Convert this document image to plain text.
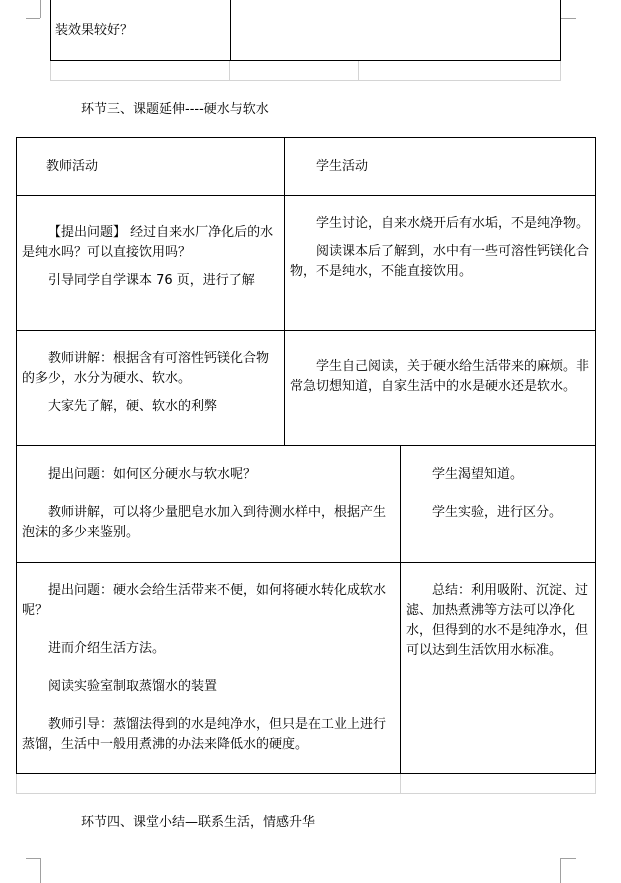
装效果较好？

环节三、课题延伸----硬水与软水

教师活动	学生活动

【提出问题】 经过自来水厂净化后的水是纯水吗？可以直接饮用吗？

引导同学自学课本 76 页，进行了解

学生讨论，自来水烧开后有水垢，不是纯净物。

阅读课本后了解到，水中有一些可溶性钙镁化合物，不是纯水，不能直接饮用。

教师讲解：根据含有可溶性钙镁化合物的多少，水分为硬水、软水。

大家先了解，硬、软水的利弊

学生自己阅读，关于硬水给生活带来的麻烦。非常急切想知道，自家生活中的水是硬水还是软水。

提出问题：如何区分硬水与软水呢？

教师讲解，可以将少量肥皂水加入到待测水样中，根据产生泡沫的多少来鉴别。

学生渴望知道。

学生实验，进行区分。

提出问题：硬水会给生活带来不便，如何将硬水转化成软水呢？

进而介绍生活方法。

阅读实验室制取蒸馏水的装置

教师引导：蒸馏法得到的水是纯净水，但只是在工业上进行蒸馏，生活中一般用煮沸的办法来降低水的硬度。

总结：利用吸附、沉淀、过滤、加热煮沸等方法可以净化水，但得到的水不是纯净水，但可以达到生活饮用水标准。

环节四、课堂小结—联系生活，情感升华
